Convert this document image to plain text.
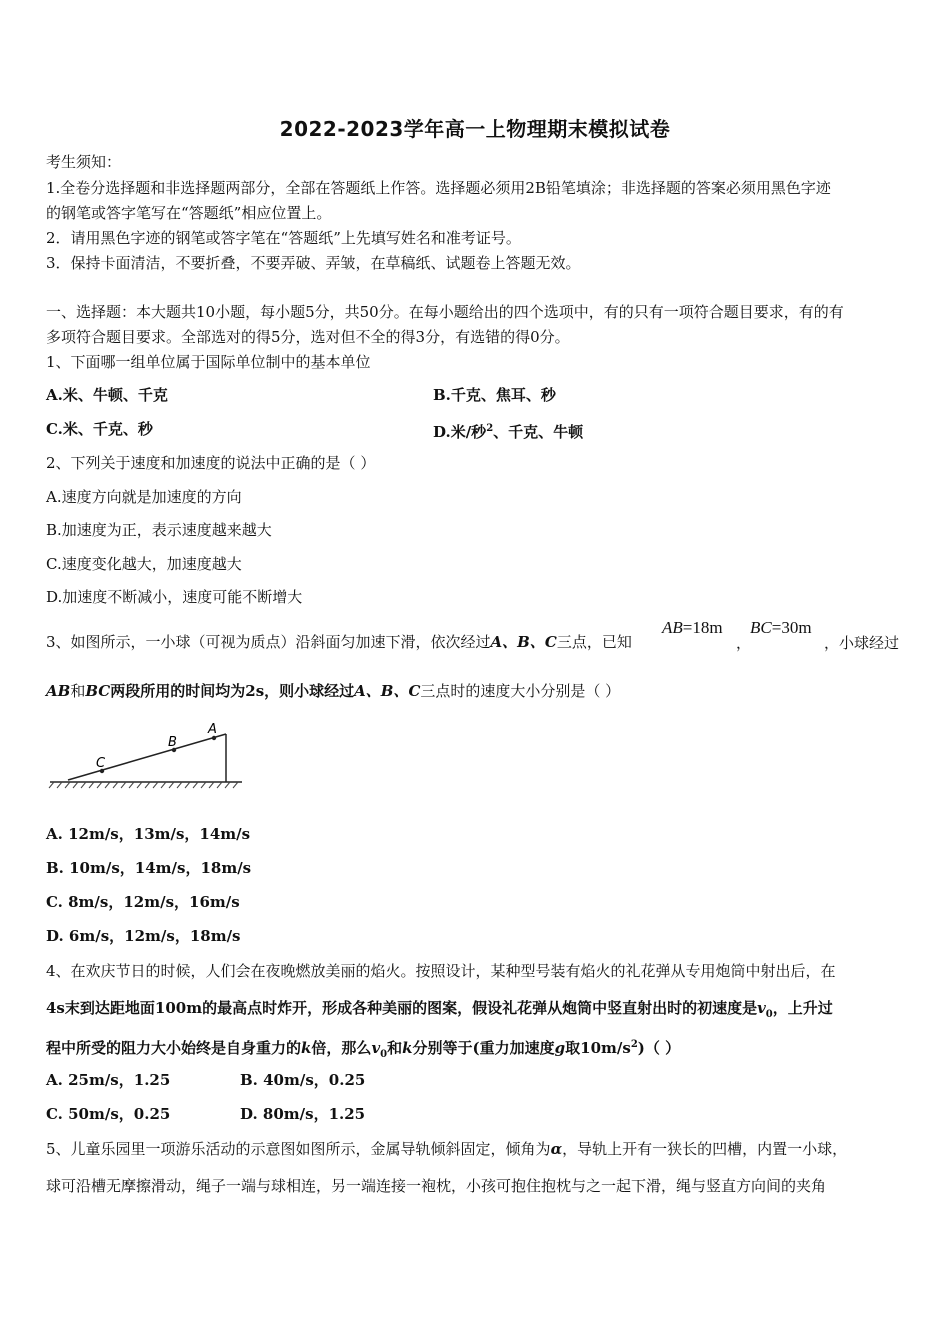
2022-2023学年高一上物理期末模拟试卷
考生须知：
1.全卷分选择题和非选择题两部分，全部在答题纸上作答。选择题必须用2B铅笔填涂；非选择题的答案必须用黑色字迹
的钢笔或答字笔写在“答题纸”相应位置上。
2．请用黑色字迹的钢笔或答字笔在“答题纸”上先填写姓名和准考证号。
3．保持卡面清洁，不要折叠，不要弄破、弄皱，在草稿纸、试题卷上答题无效。
一、选择题：本大题共10小题，每小题5分，共50分。在每小题给出的四个选项中，有的只有一项符合题目要求，有的有
多项符合题目要求。全部选对的得5分，选对但不全的得3分，有选错的得0分。
1、下面哪一组单位属于国际单位制中的基本单位
A.米、牛顿、千克	B.千克、焦耳、秒
C.米、千克、秒	D.米/秒$^2$、千克、牛顿
2、下列关于速度和加速度的说法中正确的是（ ）
A.速度方向就是加速度的方向
B.加速度为正，表示速度越来越大
C.速度变化越大，加速度越大
D.加速度不断减小，速度可能不断增大
3、如图所示，一小球（可视为质点）沿斜面匀加速下滑，依次经过A、B、C三点，已知
AB=18m
，
BC=30m
，小球经过
AB和BC两段所用的时间均为2s，则小球经过A、B、C三点时的速度大小分别是（ ）
A
B
C
A. 12m/s，13m/s，14m/s
B. 10m/s，14m/s，18m/s
C. 8m/s，12m/s，16m/s
D. 6m/s，12m/s，18m/s
4、在欢庆节日的时候，人们会在夜晚燃放美丽的焰火。按照设计，某种型号装有焰火的礼花弹从专用炮筒中射出后，在
4s末到达距地面100m的最高点时炸开，形成各种美丽的图案，假设礼花弹从炮筒中竖直射出时的初速度是$v_0$，上升过
程中所受的阻力大小始终是自身重力的k倍，那么$v_0$和k分别等于(重力加速度g取$10m/s^2$)（ ）
A. 25m/s，1.25	B. 40m/s，0.25
C. 50m/s，0.25	D. 80m/s，1.25
5、儿童乐园里一项游乐活动的示意图如图所示，金属导轨倾斜固定，倾角为α，导轨上开有一狭长的凹槽，内置一小球，
球可沿槽无摩擦滑动，绳子一端与球相连，另一端连接一袍枕，小孩可抱住抱枕与之一起下滑，绳与竖直方向间的夹角
